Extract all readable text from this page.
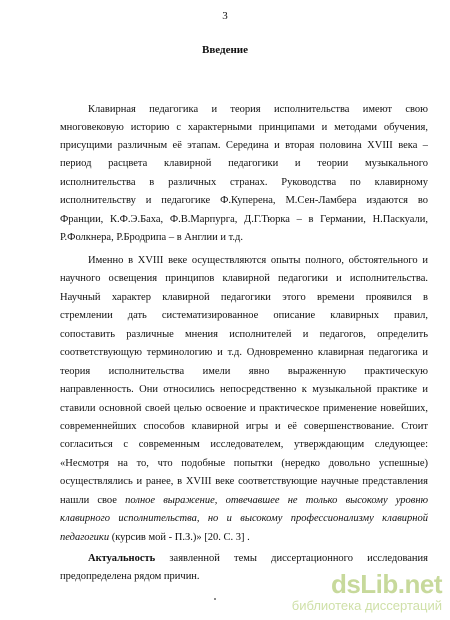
3
Введение
Клавирная педагогика и теория исполнительства имеют свою
многовековую историю с характерными принципами и методами обучения,
присущими различным её этапам. Середина и вторая половина XVIII века –
период расцвета клавирной педагогики и теории музыкального
исполнительства в различных странах. Руководства по клавирному
исполнительству и педагогике Ф.Куперена, М.Сен-Ламбера издаются во
Франции, К.Ф.Э.Баха, Ф.В.Марпурга, Д.Г.Тюрка – в Германии, Н.Паскуали,
Р.Фолкнера, Р.Бродрипа – в Англии и т.д.
Именно в XVIII веке осуществляются опыты полного, обстоятельного и
научного освещения принципов клавирной педагогики и исполнительства.
Научный характер клавирной педагогики этого времени проявился в
стремлении дать систематизированное описание клавирных правил,
сопоставить различные мнения исполнителей и педагогов, определить
соответствующую терминологию и т.д. Одновременно клавирная педагогика и
теория исполнительства имели явно выраженную практическую
направленность. Они относились непосредственно к музыкальной практике и
ставили основной своей целью освоение и практическое применение новейших,
современнейших способов клавирной игры и её совершенствование. Стоит
согласиться с современным исследователем, утверждающим следующее:
«Несмотря на то, что подобные попытки (нередко довольно успешные)
осуществлялись и ранее, в XVIII веке соответствующие научные представления
нашли свое полное выражение, отвечавшее не только высокому уровню
клавирного исполнительства, но и высокому профессионализму клавирной
педагогики (курсив мой - П.З.)» [20. С. 3] .
Актуальность заявленной темы диссертационного исследования
предопределена рядом причин.	dsLib.net
библиотека диссертаций
